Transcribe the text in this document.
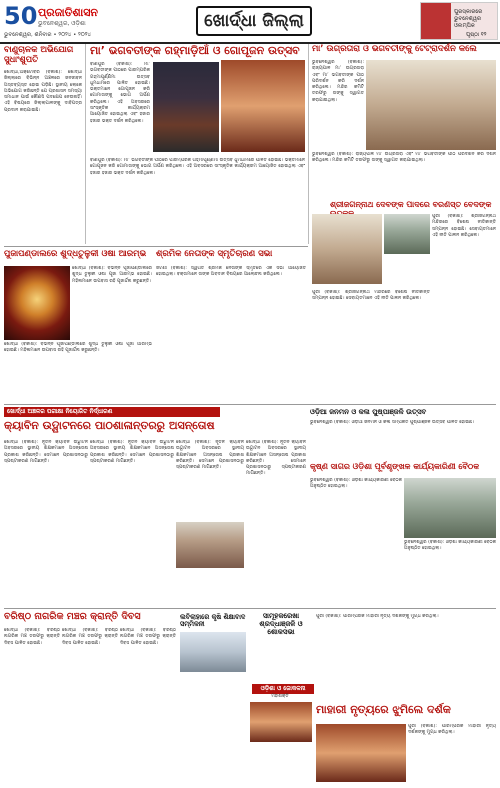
50 ପ୍ରଜାତିଶାସନ
ଭୁବନେଶ୍ୱର, ଓଡ଼ିଶା
ଭୁବନେଶ୍ୱର, ଶନିବାର • ୨୦୨୪ • ୨୦୨୪
ଖୋର୍ଦ୍ଧା ଜିଲ୍ଲା	ପୁରସ୍କାରରେ ଭୁବନେଶ୍ୱର ଓଲମ୍ପିକ
ପୃଷ୍ଠା ୧୨
ବାଣୁଚାଳକ ଅଭିଯୋଗ ସୁଧାଂଶୁପତି
ଖୋର୍ଦ୍ଧା,ଅକ୍ଟୋବର (ବିକାଶ): ଖୋର୍ଦ୍ଧା ଜିଲ୍ଲାରେ ବିଭିନ୍ନ ଅଞ୍ଚଳରେ ଜନଜୀବନ ଅସ୍ତବ୍ୟସ୍ତ ହୋଇ ପଡ଼ିଛି। ସ୍ଥାନୀୟ ଲୋକେ ଅଭିଯୋଗ କରିଛନ୍ତି ଯେ ପ୍ରଶାସନ ସମସ୍ୟା ସମାଧାନ ପାଇଁ କୌଣସି ପଦକ୍ଷେପ ନେଉନାହିଁ। ଏହି ବିଷୟରେ ଜିଲ୍ଲାପାଳଙ୍କୁ ଦାବିପତ୍ର ପ୍ରଦାନ କରାଯାଇଛି।
ମା’ ଭଗବତୀଙ୍କ ଗହ୍ମାଡ଼ିଆଁ ଓ ଗୋପୂଜନ ଉତ୍ସବ
ବାଣପୁର (ବିକାଶ): ମା’ ଭଗବତୀଙ୍କ ପୀଠରେ ପାରମ୍ପରିକ ଗହ୍ମାପୂର୍ଣ୍ଣିମା ଉତ୍ସବ ଧୁମଧାମରେ ପାଳିତ ହୋଇଛି। ଭକ୍ତମାନେ ଗୋପୂଜନ କରି ଗୋମାତାଙ୍କୁ ଭୋଗ ଅର୍ପଣ କରିଥିଲେ। ଏହି ଅବସରରେ ସାଂସ୍କୃତିକ କାର୍ଯ୍ୟକ୍ରମ ଆୟୋଜିତ ହୋଇଥିଲା ଏବଂ ହଜାର ହଜାର ଭକ୍ତ ଦର୍ଶନ କରିଥିଲେ।
ବାଣପୁର (ବିକାଶ): ମା’ ଭଗବତୀଙ୍କ ପୀଠରେ ପାରମ୍ପରିକ ଗହ୍ମାପୂର୍ଣ୍ଣିମା ଉତ୍ସବ ଧୁମଧାମରେ ପାଳିତ ହୋଇଛି। ଭକ୍ତମାନେ ଗୋପୂଜନ କରି ଗୋମାତାଙ୍କୁ ଭୋଗ ଅର୍ପଣ କରିଥିଲେ। ଏହି ଅବସରରେ ସାଂସ୍କୃତିକ କାର୍ଯ୍ୟକ୍ରମ ଆୟୋଜିତ ହୋଇଥିଲା ଏବଂ ହଜାର ହଜାର ଭକ୍ତ ଦର୍ଶନ କରିଥିଲେ।
ମା’ ଉଗ୍ରତାରା ଓ ଭଗବତୀଙ୍କୁ ଟେଟ୍ରାଦର୍ଶନ କଲେ
ଭୁବନେଶ୍ୱର (ବିକାଶ): ରାଜ୍ୟପାଳ ମା’ ଉଗ୍ରତାରା ଏବଂ ମା’ ଭଗବତୀଙ୍କ ପୀଠ ପରିଦର୍ଶନ କରି ଦର୍ଶନ କରିଥିଲେ। ମନ୍ଦିର କମିଟି ତରଫରୁ ତାଙ୍କୁ ସ୍ୱାଗତ କରାଯାଇଥିଲା।
ଭୁବନେଶ୍ୱର (ବିକାଶ): ରାଜ୍ୟପାଳ ମା’ ଉଗ୍ରତାରା ଏବଂ ମା’ ଭଗବତୀଙ୍କ ପୀଠ ପରିଦର୍ଶନ କରି ଦର୍ଶନ କରିଥିଲେ। ମନ୍ଦିର କମିଟି ତରଫରୁ ତାଙ୍କୁ ସ୍ୱାଗତ କରାଯାଇଥିଲା।
ଶ୍ରୀଜଗନ୍ନାଥ ଦେବଙ୍କ ପାଦରେ ବରଣସ୍ତ ବେଦଙ୍କ
ପୁରୀ (ବିକାଶ): ଶ୍ରୀଜଗନ୍ନାଥ ମନ୍ଦିରରେ ବିଶେଷ ନୀତିକାନ୍ତି ସମ୍ପନ୍ନ ହୋଇଛି। ସେବାୟତମାନେ ଏହି ନୀତି ପାଳନ କରିଥିଲେ।
ପୁରୀ (ବିକାଶ): ଶ୍ରୀଜଗନ୍ନାଥ ମନ୍ଦିରରେ ବିଶେଷ ନୀତିକାନ୍ତି ସମ୍ପନ୍ନ ହୋଇଛି। ସେବାୟତମାନେ ଏହି ନୀତି ପାଳନ କରିଥିଲେ।
ପୁଜାପଣ୍ଡାଲରେ ଶୁଦ୍ଧତୁଳୁକୀ ଓଷା ଆରମ୍ଭ
ଖୋର୍ଦ୍ଧା (ବିକାଶ): ବିଭିନ୍ନ ପୂଜାପଣ୍ଡାଲରେ ଶୁଦ୍ଧ ତୁଳୁକୀ ଓଷା ପୂଜା ଆରମ୍ଭ ହୋଇଛି। ମହିଳାମାନେ ଉପବାସ ରହି ପୂଜାର୍ଚ୍ଚନା କରୁଛନ୍ତି।
ଖୋର୍ଦ୍ଧା (ବିକାଶ): ବିଭିନ୍ନ ପୂଜାପଣ୍ଡାଲରେ ଶୁଦ୍ଧ ତୁଳୁକୀ ଓଷା ପୂଜା ଆରମ୍ଭ ହୋଇଛି। ମହିଳାମାନେ ଉପବାସ ରହି ପୂଜାର୍ଚ୍ଚନା କରୁଛନ୍ତି।
ଶ୍ରମିକ ନେତାଙ୍କ ସ୍ମୃତିଚାରଣ ସଭା
ଜଟଣୀ (ବିକାଶ): ସ୍ୱର୍ଗତ ଶ୍ରମିକ ନେତାଙ୍କ ସ୍ମୃତିରେ ଏକ ସଭା ଆୟୋଜିତ ହୋଇଥିଲା। ବକ୍ତାମାନେ ତାଙ୍କ ଅବଦାନ ବିଷୟରେ ଆଲୋଚନା କରିଥିଲେ।
ଖୋର୍ଦ୍ଧା ଅଞ୍ଚଳର ପରୀକ୍ଷା ନିୟୋଜିତ ନିର୍ଦ୍ଧାରଣ
କ୍ୟାବିନ ଉଦ୍ଘାଟନରେ ପାଠଶାଳାନ୍ତରରୁ ଅସନ୍ତୋଷ
ଖୋର୍ଦ୍ଧା (ବିକାଶ): ନୂତନ କ୍ୟାବିନ ଉଦ୍ଘାଟନ ଅବସରରେ ସ୍ଥାନୀୟ ଶିକ୍ଷକମାନେ ଅସନ୍ତୋଷ ପ୍ରକାଶ କରିଛନ୍ତି। ସେମାନେ ପ୍ରଶାସନଠାରୁ ସ୍ପଷ୍ଟୀକରଣ ମାଗିଛନ୍ତି।
ଖୋର୍ଦ୍ଧା (ବିକାଶ): ନୂତନ କ୍ୟାବିନ ଉଦ୍ଘାଟନ ଅବସରରେ ସ୍ଥାନୀୟ ଶିକ୍ଷକମାନେ ଅସନ୍ତୋଷ ପ୍ରକାଶ କରିଛନ୍ତି। ସେମାନେ ପ୍ରଶାସନଠାରୁ ସ୍ପଷ୍ଟୀକରଣ ମାଗିଛନ୍ତି।
ଖୋର୍ଦ୍ଧା (ବିକାଶ): ନୂତନ କ୍ୟାବିନ ଉଦ୍ଘାଟନ ଅବସରରେ ସ୍ଥାନୀୟ ଶିକ୍ଷକମାନେ ଅସନ୍ତୋଷ ପ୍ରକାଶ କରିଛନ୍ତି। ସେମାନେ ପ୍ରଶାସନଠାରୁ ସ୍ପଷ୍ଟୀକରଣ ମାଗିଛନ୍ତି।
ଖୋର୍ଦ୍ଧା (ବିକାଶ): ନୂତନ କ୍ୟାବିନ ଉଦ୍ଘାଟନ ଅବସରରେ ସ୍ଥାନୀୟ ଶିକ୍ଷକମାନେ ଅସନ୍ତୋଷ ପ୍ରକାଶ କରିଛନ୍ତି। ସେମାନେ ପ୍ରଶାସନଠାରୁ ସ୍ପଷ୍ଟୀକରଣ ମାଗିଛନ୍ତି।
ଓଡ଼ିଆ ଜନମନ ଓ କଳା ପୁଷ୍ପାଞ୍ଜଳି ଉତ୍ସବ
ଭୁବନେଶ୍ୱର (ବିକାଶ): ଓଡ଼ିଆ ଜନମନ ଓ କଳା ସମ୍ପର୍କିତ ପୁଷ୍ପାଞ୍ଜଳି ଉତ୍ସବ ପାଳିତ ହୋଇଛି।
କୃଷ୍ଣ ସାଗର ଓଡ଼ିଶା ପୂର୍ବଶୃଙ୍ଖଳ କାର୍ଯ୍ୟକାରିଣୀ ବୈଠକ
ଭୁବନେଶ୍ୱର (ବିକାଶ): ଓଡ଼ିଶା କାର୍ଯ୍ୟକାରିଣୀ ବୈଠକ ଅନୁଷ୍ଠିତ ହୋଇଥିଲା।
ଭୁବନେଶ୍ୱର (ବିକାଶ): ଓଡ଼ିଶା କାର୍ଯ୍ୟକାରିଣୀ ବୈଠକ ଅନୁଷ୍ଠିତ ହୋଇଥିଲା।
ବରିଷ୍ଠ ନାଗରିକ ମଞ୍ଚର କ୍ରାନ୍ତି ଦିବସ
ଖୋର୍ଦ୍ଧା (ବିକାଶ): ବରିଷ୍ଠ ନାଗରିକ ମଞ୍ଚ ତରଫରୁ କ୍ରାନ୍ତି ଦିବସ ପାଳିତ ହୋଇଛି।
ଖୋର୍ଦ୍ଧା (ବିକାଶ): ବରିଷ୍ଠ ନାଗରିକ ମଞ୍ଚ ତରଫରୁ କ୍ରାନ୍ତି ଦିବସ ପାଳିତ ହୋଇଛି।
ଖୋର୍ଦ୍ଧା (ବିକାଶ): ବରିଷ୍ଠ ନାଗରିକ ମଞ୍ଚ ତରଫରୁ କ୍ରାନ୍ତି ଦିବସ ପାଳିତ ହୋଇଛି।
ଲବିଲାହାରେ କୃଷି ଶିକ୍ଷାବାଦ ସମ୍ମିଳନୀ
ସାମୂହକରେଖା ଶ୍ରଦ୍ଧାଞ୍ଜଳି ଓ ଶୋକସଭା
ଓଡ଼ିଶା ଓ ଜୋକଳନା
ମହାଶକ୍ତି
ମାହାରୀ ନୃତ୍ୟରେ ଝୁମିଲେ ଦର୍ଶକ
ପୁରୀ (ବିକାଶ): ପାରମ୍ପରିକ ମାହାରୀ ନୃତ୍ୟ ଦର୍ଶକଙ୍କୁ ମୁଗ୍ଧ କରିଥିଲା।
ପୁରୀ (ବିକାଶ): ପାରମ୍ପରିକ ମାହାରୀ ନୃତ୍ୟ ଦର୍ଶକଙ୍କୁ ମୁଗ୍ଧ କରିଥିଲା।
